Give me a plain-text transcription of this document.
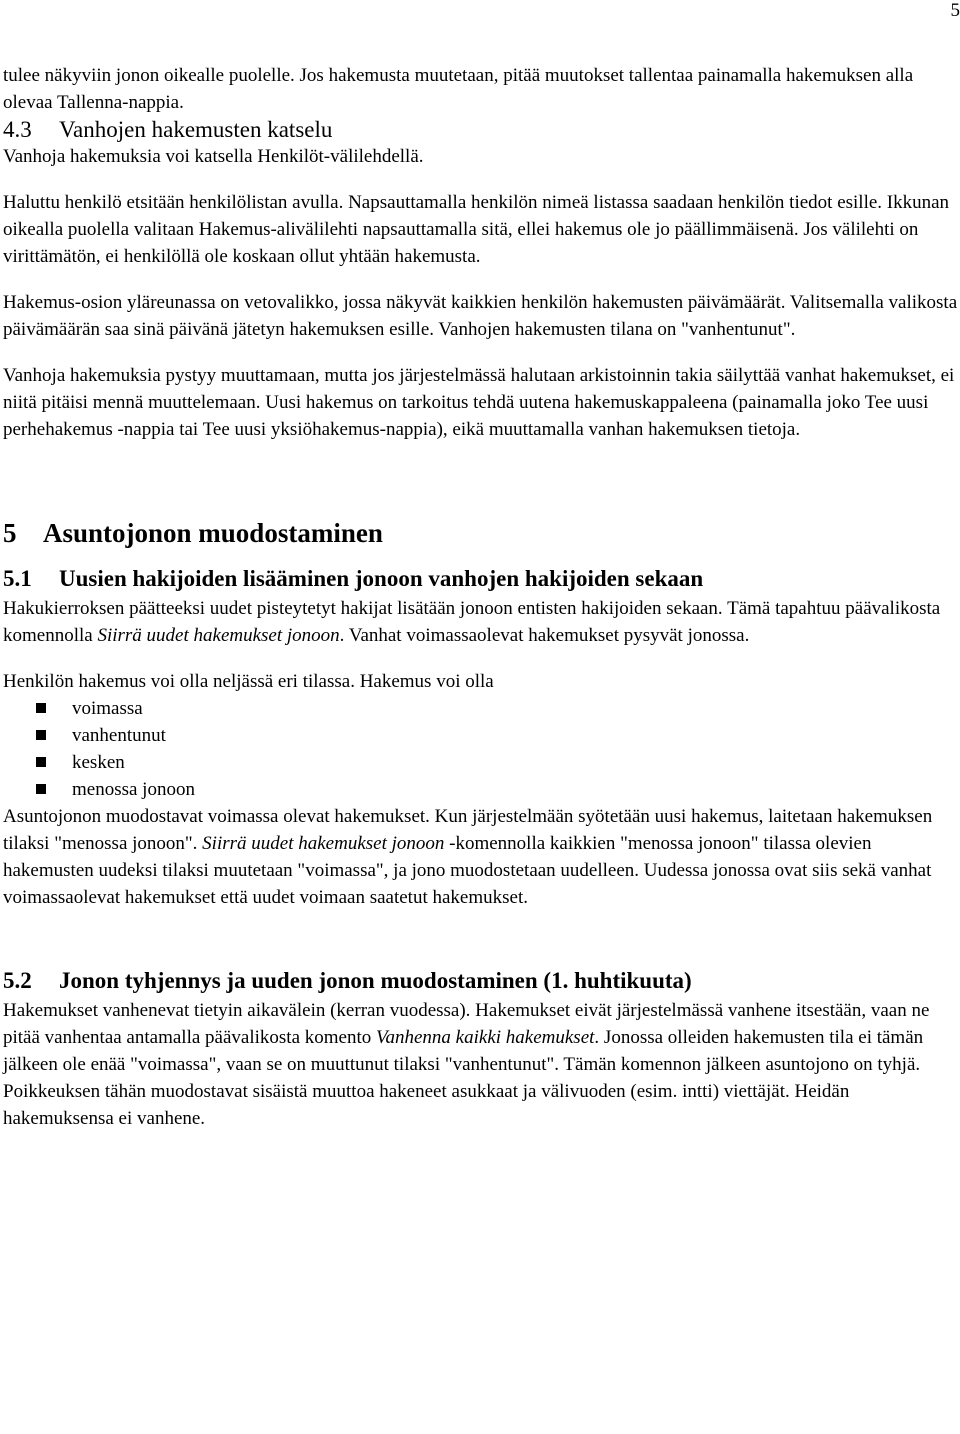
5

tulee näkyviin jonon oikealle puolelle. Jos hakemusta muutetaan, pitää muutokset tallentaa painamalla hakemuksen alla olevaa Tallenna-nappia.

4.3 Vanhojen hakemusten katselu

Vanhoja hakemuksia voi katsella Henkilöt-välilehdellä.

Haluttu henkilö etsitään henkilölistan avulla. Napsauttamalla henkilön nimeä listassa saadaan henkilön tiedot esille. Ikkunan oikealla puolella valitaan Hakemus-alivälilehti napsauttamalla sitä, ellei hakemus ole jo päällimmäisenä. Jos välilehti on virittämätön, ei henkilöllä ole koskaan ollut yhtään hakemusta.

Hakemus-osion yläreunassa on vetovalikko, jossa näkyvät kaikkien henkilön hakemusten päivämäärät. Valitsemalla valikosta päivämäärän saa sinä päivänä jätetyn hakemuksen esille. Vanhojen hakemusten tilana on "vanhentunut".

Vanhoja hakemuksia pystyy muuttamaan, mutta jos järjestelmässä halutaan arkistoinnin takia säilyttää vanhat hakemukset, ei niitä pitäisi mennä muuttelemaan. Uusi hakemus on tarkoitus tehdä uutena hakemuskappaleena (painamalla joko Tee uusi perhehakemus -nappia tai Tee uusi yksiöhakemus-nappia), eikä muuttamalla vanhan hakemuksen tietoja.

5 Asuntojonon muodostaminen
5.1 Uusien hakijoiden lisääminen jonoon vanhojen hakijoiden sekaan

Hakukierroksen päätteeksi uudet pisteytetyt hakijat lisätään jonoon entisten hakijoiden sekaan. Tämä tapahtuu päävalikosta komennolla Siirrä uudet hakemukset jonoon. Vanhat voimassaolevat hakemukset pysyvät jonossa.

Henkilön hakemus voi olla neljässä eri tilassa. Hakemus voi olla

voimassa
vanhentunut
kesken
menossa jonoon

Asuntojonon muodostavat voimassa olevat hakemukset. Kun järjestelmään syötetään uusi hakemus, laitetaan hakemuksen tilaksi "menossa jonoon". Siirrä uudet hakemukset jonoon -komennolla kaikkien "menossa jonoon" tilassa olevien hakemusten uudeksi tilaksi muutetaan "voimassa", ja jono muodostetaan uudelleen. Uudessa jonossa ovat siis sekä vanhat voimassaolevat hakemukset että uudet voimaan saatetut hakemukset.

5.2 Jonon tyhjennys ja uuden jonon muodostaminen (1. huhtikuuta)

Hakemukset vanhenevat tietyin aikavälein (kerran vuodessa). Hakemukset eivät järjestelmässä vanhene itsestään, vaan ne pitää vanhentaa antamalla päävalikosta komento Vanhenna kaikki hakemukset. Jonossa olleiden hakemusten tila ei tämän jälkeen ole enää "voimassa", vaan se on muuttunut tilaksi "vanhentunut". Tämän komennon jälkeen asuntojono on tyhjä. Poikkeuksen tähän muodostavat sisäistä muuttoa hakeneet asukkaat ja välivuoden (esim. intti) viettäjät. Heidän hakemuksensa ei vanhene.
